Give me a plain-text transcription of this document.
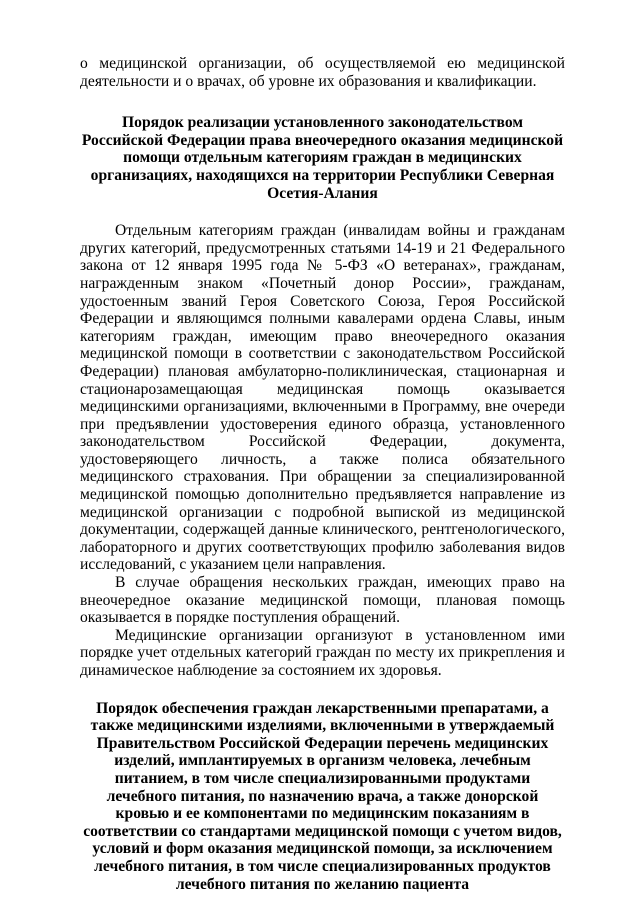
о медицинской организации, об осуществляемой ею медицинской деятельности и о врачах, об уровне их образования и квалификации.

Порядок реализации установленного законодательством Российской Федерации права внеочередного оказания медицинской помощи отдельным категориям граждан в медицинских организациях, находящихся на территории Республики Северная Осетия-Алания

Отдельным категориям граждан (инвалидам войны и гражданам других категорий, предусмотренных статьями 14-19 и 21 Федерального закона от 12 января 1995 года № 5-ФЗ «О ветеранах», гражданам, награжденным знаком «Почетный донор России», гражданам, удостоенным званий Героя Советского Союза, Героя Российской Федерации и являющимся полными кавалерами ордена Славы, иным категориям граждан, имеющим право внеочередного оказания медицинской помощи в соответствии с законодательством Российской Федерации) плановая амбулаторно-поликлиническая, стационарная и стационарозамещающая медицинская помощь оказывается медицинскими организациями, включенными в Программу, вне очереди при предъявлении удостоверения единого образца, установленного законодательством Российской Федерации, документа, удостоверяющего личность, а также полиса обязательного медицинского страхования. При обращении за специализированной медицинской помощью дополнительно предъявляется направление из медицинской организации с подробной выпиской из медицинской документации, содержащей данные клинического, рентгенологического, лабораторного и других соответствующих профилю заболевания видов исследований, с указанием цели направления.

В случае обращения нескольких граждан, имеющих право на внеочередное оказание медицинской помощи, плановая помощь оказывается в порядке поступления обращений.

Медицинские организации организуют в установленном ими порядке учет отдельных категорий граждан по месту их прикрепления и динамическое наблюдение за состоянием их здоровья.

Порядок обеспечения граждан лекарственными препаратами, а также медицинскими изделиями, включенными в утверждаемый Правительством Российской Федерации перечень медицинских изделий, имплантируемых в организм человека, лечебным питанием, в том числе специализированными продуктами лечебного питания, по назначению врача, а также донорской кровью и ее компонентами по медицинским показаниям в соответствии со стандартами медицинской помощи с учетом видов, условий и форм оказания медицинской помощи, за исключением лечебного питания, в том числе специализированных продуктов лечебного питания по желанию пациента
